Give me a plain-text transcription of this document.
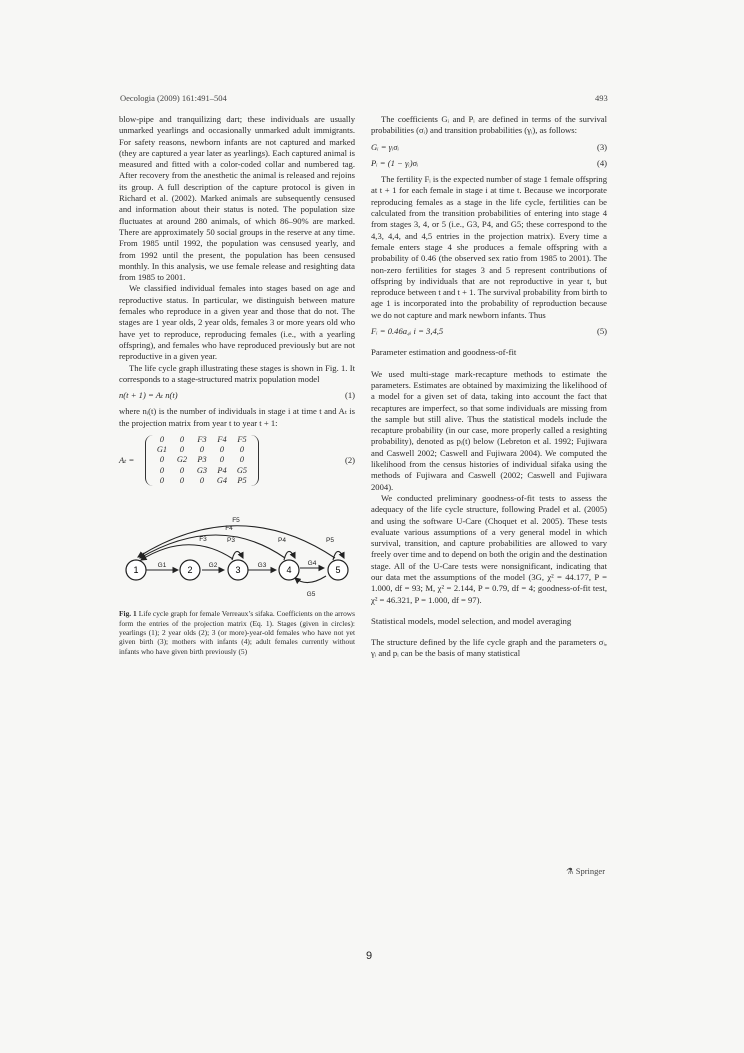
Oecologia (2009) 161:491–504	493

blow-pipe and tranquilizing dart; these individuals are usually unmarked yearlings and occasionally unmarked adult immigrants. For safety reasons, newborn infants are not captured and marked (they are captured a year later as yearlings). Each captured animal is measured and fitted with a color-coded collar and numbered tag. After recovery from the anesthetic the animal is released and rejoins its group. A full description of the capture protocol is given in Richard et al. (2002). Marked animals are subsequently censused and information about their status is noted. The population size fluctuates at around 280 animals, of which 86–90% are marked. There are approximately 50 social groups in the reserve at any time. From 1985 until 1992, the population was censused yearly, and from 1992 until the present, the population has been censused monthly. In this analysis, we use female release and resighting data from 1985 to 2001.

We classified individual females into stages based on age and reproductive status. In particular, we distinguish between mature females who reproduce in a given year and those that do not. The stages are 1 year olds, 2 year olds, females 3 or more years old who have yet to reproduce, reproducing females (i.e., with a yearling offspring), and females who have reproduced previously but are not reproductive in a given year.

The life cycle graph illustrating these stages is shown in Fig. 1. It corresponds to a stage-structured matrix population model

n(t + 1) = Aₜ n(t)	(1)

where nᵢ(t) is the number of individuals in stage i at time t and Aₜ is the projection matrix from year t to year t + 1:

Aₜ =
0	0	F3	F4	F5
G1	0	0	0	0
0	G2	P3	0	0
0	0	G3	P4	G5
0	0	0	G4	P5
(2)
1	2	3	4	5
G1	G2	G3	G4
G5
F3
F4
F5
P3	P4	P5
Fig. 1 Life cycle graph for female Verreaux’s sifaka. Coefficients on the arrows form the entries of the projection matrix (Eq. 1). Stages (given in circles): yearlings (1); 2 year olds (2); 3 (or more)-year-old females who have not yet given birth (3); mothers with infants (4); adult females currently without infants who have given birth previously (5)

The coefficients Gᵢ and Pᵢ are defined in terms of the survival probabilities (σᵢ) and transition probabilities (γᵢ), as follows:

Gᵢ = γᵢσᵢ	(3)
Pᵢ = (1 − γᵢ)σᵢ	(4)

The fertility Fᵢ is the expected number of stage 1 female offspring at t + 1 for each female in stage i at time t. Because we incorporate reproducing females as a stage in the life cycle, fertilities can be calculated from the transition probabilities of entering into stage 4 from stages 3, 4, or 5 (i.e., G3, P4, and G5; these correspond to the 4,3, 4,4, and 4,5 entries in the projection matrix). Every time a female enters stage 4 she produces a female offspring with a probability of 0.46 (the observed sex ratio from 1985 to 2001). The non-zero fertilities for stages 3 and 5 represent contributions of offspring by individuals that are not reproductive in year t, but reproduce between t and t + 1. The survival probability from birth to age 1 is incorporated into the probability of reproduction because we do not capture and mark newborn infants. Thus

Fᵢ = 0.46a₄ᵢ i = 3,4,5	(5)
Parameter estimation and goodness-of-fit

We used multi-stage mark-recapture methods to estimate the parameters. Estimates are obtained by maximizing the likelihood of a model for a given set of data, taking into account the fact that recaptures are imperfect, so that some individuals are missing from the sample but still alive. Thus the statistical models include the recapture probability (in our case, more properly called a resighting probability), denoted as pᵢ(t) below (Lebreton et al. 1992; Fujiwara and Caswell 2002; Caswell and Fujiwara 2004). We computed the likelihood from the census histories of individual sifaka using the methods of Fujiwara and Caswell (2002; Caswell and Fujiwara 2004).

We conducted preliminary goodness-of-fit tests to assess the adequacy of the life cycle structure, following Pradel et al. (2005) and using the software U-Care (Choquet et al. 2005). These tests evaluate various assumptions of a very general model in which survival, transition, and capture probabilities are allowed to vary freely over time and to depend on both the origin and the destination stage. All of the U-Care tests were nonsignificant, indicating that our data met the assumptions of the model (3G, χ² = 44.177, P = 1.000, df = 93; M, χ² = 2.144, P = 0.79, df = 4; goodness-of-fit test, χ² = 46.321, P = 1.000, df = 97).

Statistical models, model selection, and model averaging

The structure defined by the life cycle graph and the parameters σᵢ, γᵢ and pᵢ can be the basis of many statistical

⚗ Springer
9
